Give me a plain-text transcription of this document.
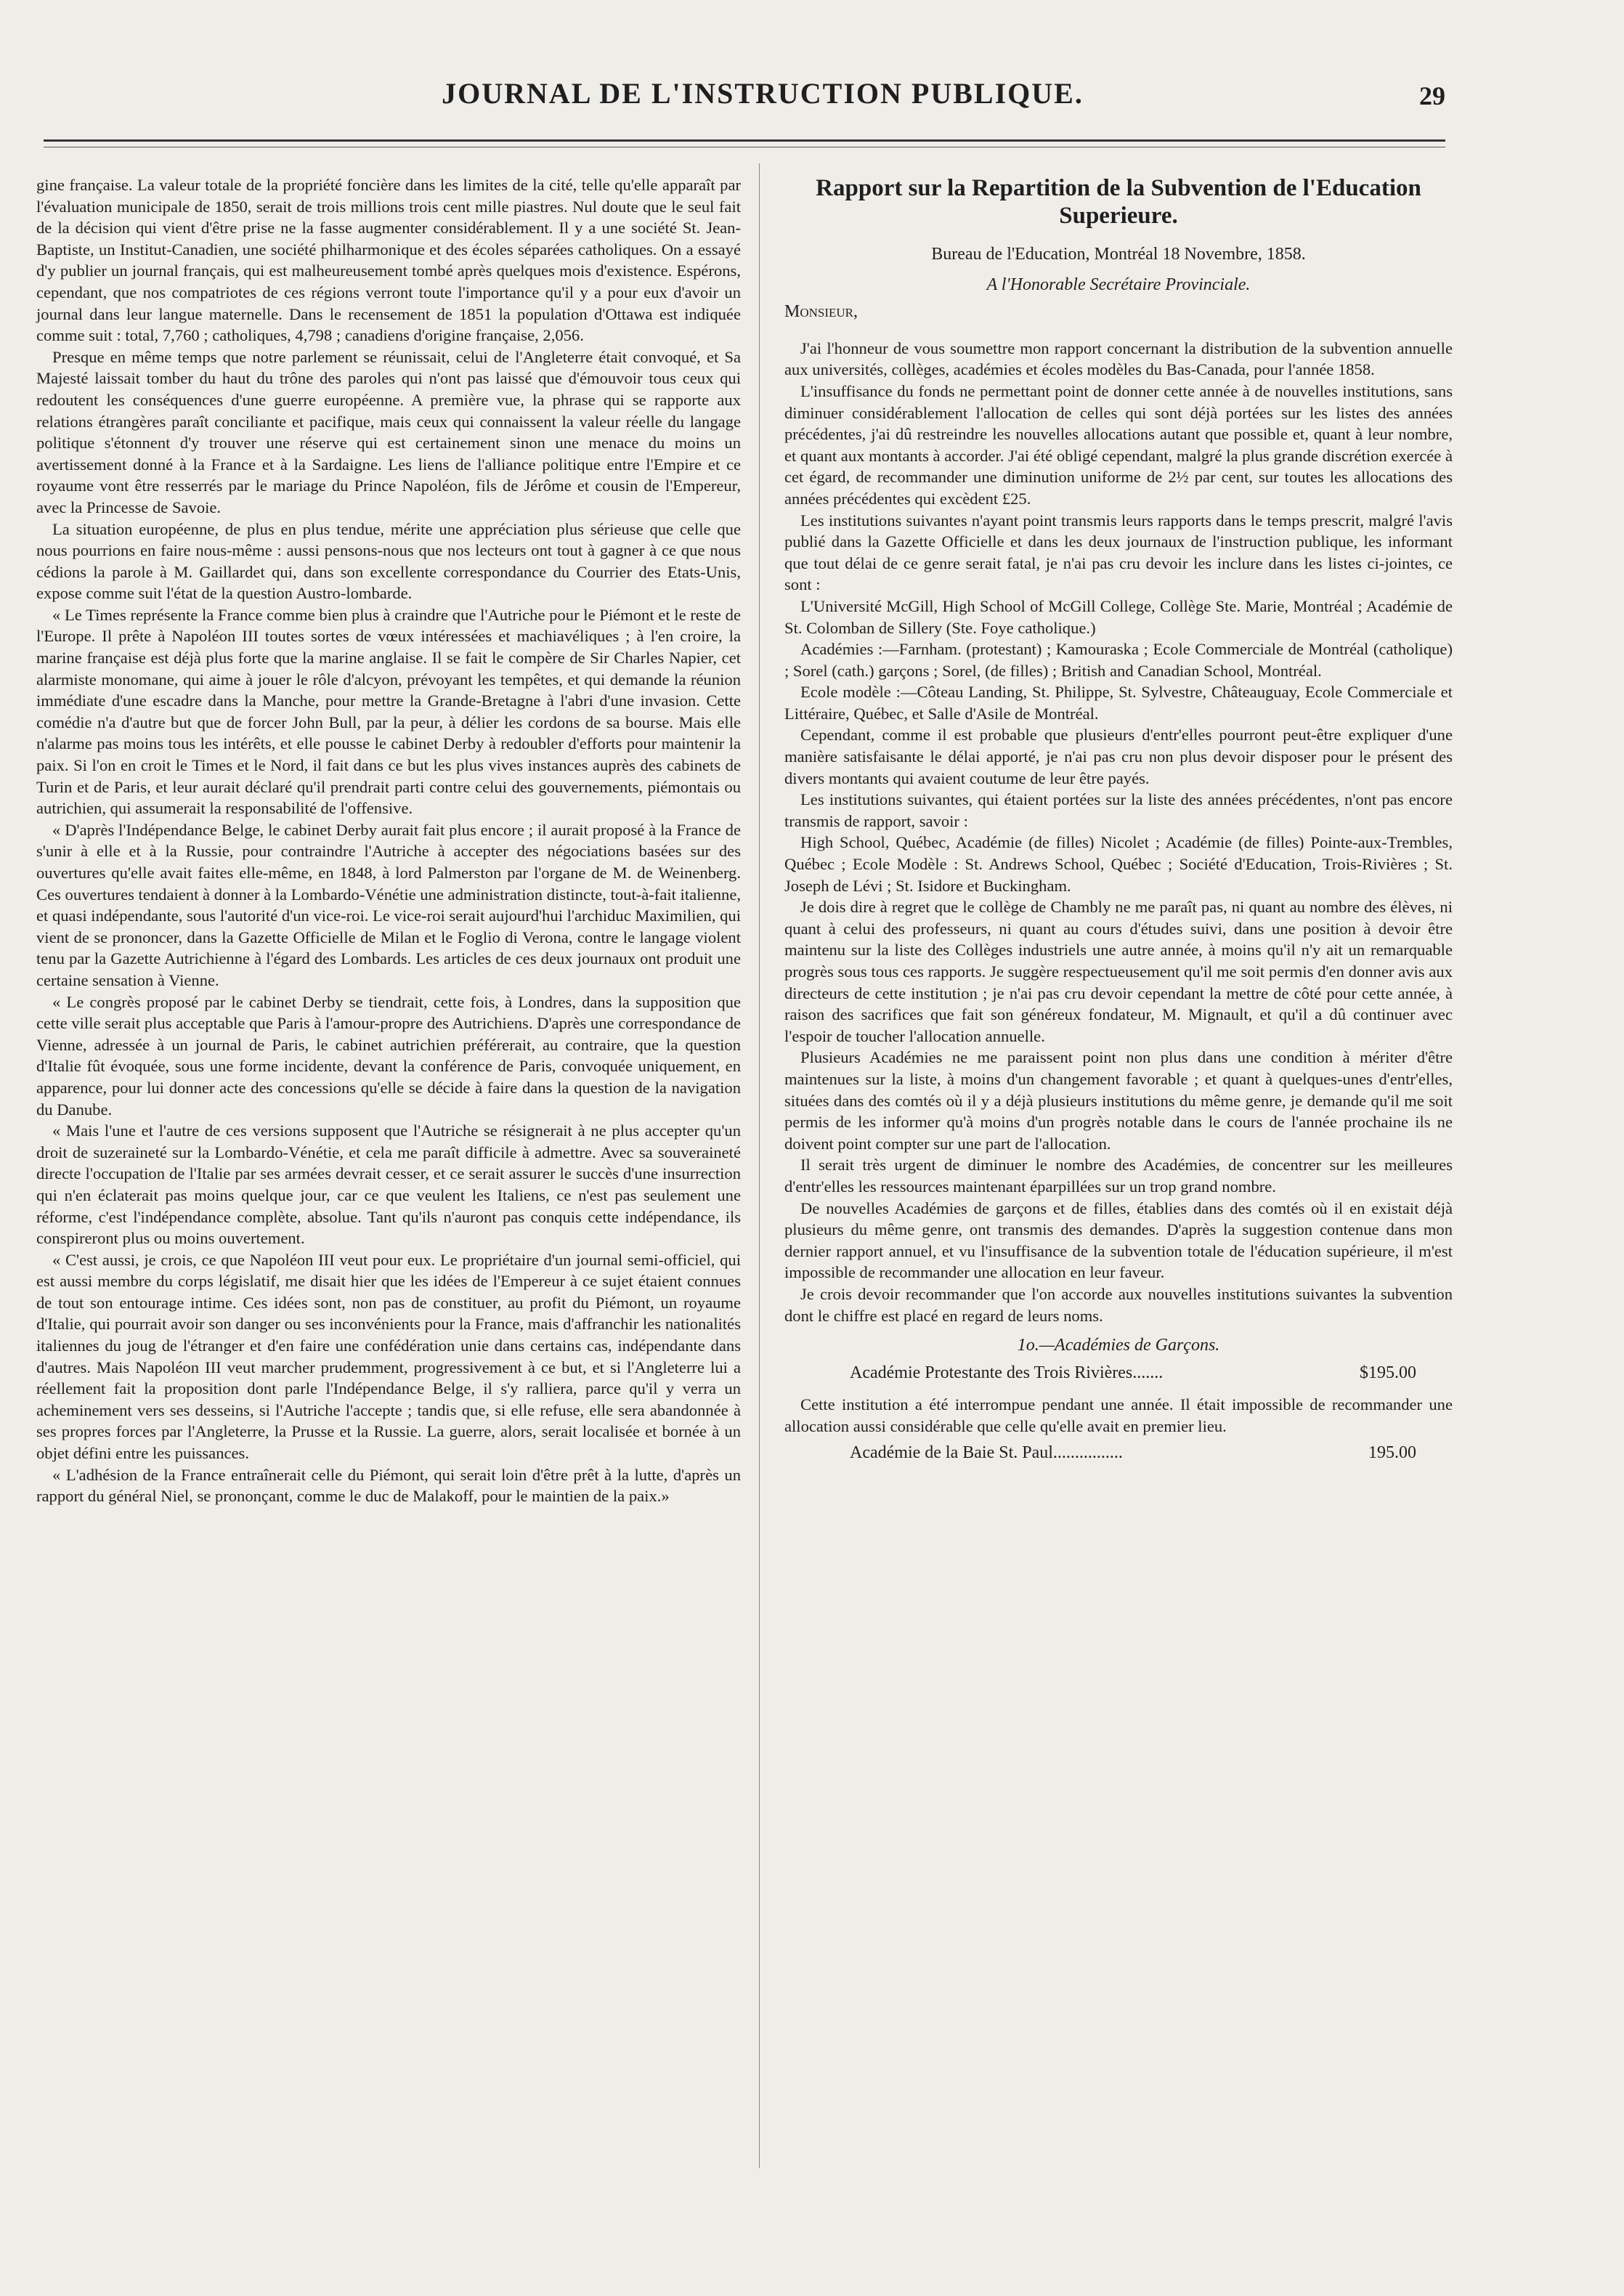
JOURNAL DE L'INSTRUCTION PUBLIQUE.	29

gine française. La valeur totale de la propriété foncière dans les limites de la cité, telle qu'elle apparaît par l'évaluation municipale de 1850, serait de trois millions trois cent mille piastres. Nul doute que le seul fait de la décision qui vient d'être prise ne la fasse augmenter considérablement. Il y a une société St. Jean-Baptiste, un Institut-Canadien, une société philharmonique et des écoles séparées catholiques. On a essayé d'y publier un journal français, qui est malheureusement tombé après quelques mois d'existence. Espérons, cependant, que nos compatriotes de ces régions verront toute l'importance qu'il y a pour eux d'avoir un journal dans leur langue maternelle. Dans le recensement de 1851 la population d'Ottawa est indiquée comme suit : total, 7,760 ; catholiques, 4,798 ; canadiens d'origine française, 2,056.

Presque en même temps que notre parlement se réunissait, celui de l'Angleterre était convoqué, et Sa Majesté laissait tomber du haut du trône des paroles qui n'ont pas laissé que d'émouvoir tous ceux qui redoutent les conséquences d'une guerre européenne. A première vue, la phrase qui se rapporte aux relations étrangères paraît conciliante et pacifique, mais ceux qui connaissent la valeur réelle du langage politique s'étonnent d'y trouver une réserve qui est certainement sinon une menace du moins un avertissement donné à la France et à la Sardaigne. Les liens de l'alliance politique entre l'Empire et ce royaume vont être resserrés par le mariage du Prince Napoléon, fils de Jérôme et cousin de l'Empereur, avec la Princesse de Savoie.

La situation européenne, de plus en plus tendue, mérite une appréciation plus sérieuse que celle que nous pourrions en faire nous-même : aussi pensons-nous que nos lecteurs ont tout à gagner à ce que nous cédions la parole à M. Gaillardet qui, dans son excellente correspondance du Courrier des Etats-Unis, expose comme suit l'état de la question Austro-lombarde.

« Le Times représente la France comme bien plus à craindre que l'Autriche pour le Piémont et le reste de l'Europe. Il prête à Napoléon III toutes sortes de vœux intéressées et machiavéliques ; à l'en croire, la marine française est déjà plus forte que la marine anglaise. Il se fait le compère de Sir Charles Napier, cet alarmiste monomane, qui aime à jouer le rôle d'alcyon, prévoyant les tempêtes, et qui demande la réunion immédiate d'une escadre dans la Manche, pour mettre la Grande-Bretagne à l'abri d'une invasion. Cette comédie n'a d'autre but que de forcer John Bull, par la peur, à délier les cordons de sa bourse. Mais elle n'alarme pas moins tous les intérêts, et elle pousse le cabinet Derby à redoubler d'efforts pour maintenir la paix. Si l'on en croit le Times et le Nord, il fait dans ce but les plus vives instances auprès des cabinets de Turin et de Paris, et leur aurait déclaré qu'il prendrait parti contre celui des gouvernements, piémontais ou autrichien, qui assumerait la responsabilité de l'offensive.

« D'après l'Indépendance Belge, le cabinet Derby aurait fait plus encore ; il aurait proposé à la France de s'unir à elle et à la Russie, pour contraindre l'Autriche à accepter des négociations basées sur des ouvertures qu'elle avait faites elle-même, en 1848, à lord Palmerston par l'organe de M. de Weinenberg. Ces ouvertures tendaient à donner à la Lombardo-Vénétie une administration distincte, tout-à-fait italienne, et quasi indépendante, sous l'autorité d'un vice-roi. Le vice-roi serait aujourd'hui l'archiduc Maximilien, qui vient de se prononcer, dans la Gazette Officielle de Milan et le Foglio di Verona, contre le langage violent tenu par la Gazette Autrichienne à l'égard des Lombards. Les articles de ces deux journaux ont produit une certaine sensation à Vienne.

« Le congrès proposé par le cabinet Derby se tiendrait, cette fois, à Londres, dans la supposition que cette ville serait plus acceptable que Paris à l'amour-propre des Autrichiens. D'après une correspondance de Vienne, adressée à un journal de Paris, le cabinet autrichien préférerait, au contraire, que la question d'Italie fût évoquée, sous une forme incidente, devant la conférence de Paris, convoquée uniquement, en apparence, pour lui donner acte des concessions qu'elle se décide à faire dans la question de la navigation du Danube.

« Mais l'une et l'autre de ces versions supposent que l'Autriche se résignerait à ne plus accepter qu'un droit de suzeraineté sur la Lombardo-Vénétie, et cela me paraît difficile à admettre. Avec sa souveraineté directe l'occupation de l'Italie par ses armées devrait cesser, et ce serait assurer le succès d'une insurrection qui n'en éclaterait pas moins quelque jour, car ce que veulent les Italiens, ce n'est pas seulement une réforme, c'est l'indépendance complète, absolue. Tant qu'ils n'auront pas conquis cette indépendance, ils conspireront plus ou moins ouvertement.

« C'est aussi, je crois, ce que Napoléon III veut pour eux. Le propriétaire d'un journal semi-officiel, qui est aussi membre du corps législatif, me disait hier que les idées de l'Empereur à ce sujet étaient connues de tout son entourage intime. Ces idées sont, non pas de constituer, au profit du Piémont, un royaume d'Italie, qui pourrait avoir son danger ou ses inconvénients pour la France, mais d'affranchir les nationalités italiennes du joug de l'étranger et d'en faire une confédération unie dans certains cas, indépendante dans d'autres. Mais Napoléon III veut marcher prudemment, progressivement à ce but, et si l'Angleterre lui a réellement fait la proposition dont parle l'Indépendance Belge, il s'y ralliera, parce qu'il y verra un acheminement vers ses desseins, si l'Autriche l'accepte ; tandis que, si elle refuse, elle sera abandonnée à ses propres forces par l'Angleterre, la Prusse et la Russie. La guerre, alors, serait localisée et bornée à un objet défini entre les puissances.

« L'adhésion de la France entraînerait celle du Piémont, qui serait loin d'être prêt à la lutte, d'après un rapport du général Niel, se prononçant, comme le duc de Malakoff, pour le maintien de la paix.»

Rapport sur la Repartition de la Subvention de l'Education Superieure.
Bureau de l'Education, Montréal 18 Novembre, 1858.
A l'Honorable Secrétaire Provinciale.
Monsieur,

J'ai l'honneur de vous soumettre mon rapport concernant la distribution de la subvention annuelle aux universités, collèges, académies et écoles modèles du Bas-Canada, pour l'année 1858.

L'insuffisance du fonds ne permettant point de donner cette année à de nouvelles institutions, sans diminuer considérablement l'allocation de celles qui sont déjà portées sur les listes des années précédentes, j'ai dû restreindre les nouvelles allocations autant que possible et, quant à leur nombre, et quant aux montants à accorder. J'ai été obligé cependant, malgré la plus grande discrétion exercée à cet égard, de recommander une diminution uniforme de 2½ par cent, sur toutes les allocations des années précédentes qui excèdent £25.

Les institutions suivantes n'ayant point transmis leurs rapports dans le temps prescrit, malgré l'avis publié dans la Gazette Officielle et dans les deux journaux de l'instruction publique, les informant que tout délai de ce genre serait fatal, je n'ai pas cru devoir les inclure dans les listes ci-jointes, ce sont :

L'Université McGill, High School of McGill College, Collège Ste. Marie, Montréal ; Académie de St. Colomban de Sillery (Ste. Foye catholique.)

Académies :—Farnham. (protestant) ; Kamouraska ; Ecole Commerciale de Montréal (catholique) ; Sorel (cath.) garçons ; Sorel, (de filles) ; British and Canadian School, Montréal.

Ecole modèle :—Côteau Landing, St. Philippe, St. Sylvestre, Châteauguay, Ecole Commerciale et Littéraire, Québec, et Salle d'Asile de Montréal.

Cependant, comme il est probable que plusieurs d'entr'elles pourront peut-être expliquer d'une manière satisfaisante le délai apporté, je n'ai pas cru non plus devoir disposer pour le présent des divers montants qui avaient coutume de leur être payés.

Les institutions suivantes, qui étaient portées sur la liste des années précédentes, n'ont pas encore transmis de rapport, savoir :

High School, Québec, Académie (de filles) Nicolet ; Académie (de filles) Pointe-aux-Trembles, Québec ; Ecole Modèle : St. Andrews School, Québec ; Société d'Education, Trois-Rivières ; St. Joseph de Lévi ; St. Isidore et Buckingham.

Je dois dire à regret que le collège de Chambly ne me paraît pas, ni quant au nombre des élèves, ni quant à celui des professeurs, ni quant au cours d'études suivi, dans une position à devoir être maintenu sur la liste des Collèges industriels une autre année, à moins qu'il n'y ait un remarquable progrès sous tous ces rapports. Je suggère respectueusement qu'il me soit permis d'en donner avis aux directeurs de cette institution ; je n'ai pas cru devoir cependant la mettre de côté pour cette année, à raison des sacrifices que fait son généreux fondateur, M. Mignault, et qu'il a dû continuer avec l'espoir de toucher l'allocation annuelle.

Plusieurs Académies ne me paraissent point non plus dans une condition à mériter d'être maintenues sur la liste, à moins d'un changement favorable ; et quant à quelques-unes d'entr'elles, situées dans des comtés où il y a déjà plusieurs institutions du même genre, je demande qu'il me soit permis de les informer qu'à moins d'un progrès notable dans le cours de l'année prochaine ils ne doivent point compter sur une part de l'allocation.

Il serait très urgent de diminuer le nombre des Académies, de concentrer sur les meilleures d'entr'elles les ressources maintenant éparpillées sur un trop grand nombre.

De nouvelles Académies de garçons et de filles, établies dans des comtés où il en existait déjà plusieurs du même genre, ont transmis des demandes. D'après la suggestion contenue dans mon dernier rapport annuel, et vu l'insuffisance de la subvention totale de l'éducation supérieure, il m'est impossible de recommander une allocation en leur faveur.

Je crois devoir recommander que l'on accorde aux nouvelles institutions suivantes la subvention dont le chiffre est placé en regard de leurs noms.

1o.—Académies de Garçons.
Académie Protestante des Trois Rivières.......	$195.00

Cette institution a été interrompue pendant une année. Il était impossible de recommander une allocation aussi considérable que celle qu'elle avait en premier lieu.

Académie de la Baie St. Paul................	195.00
